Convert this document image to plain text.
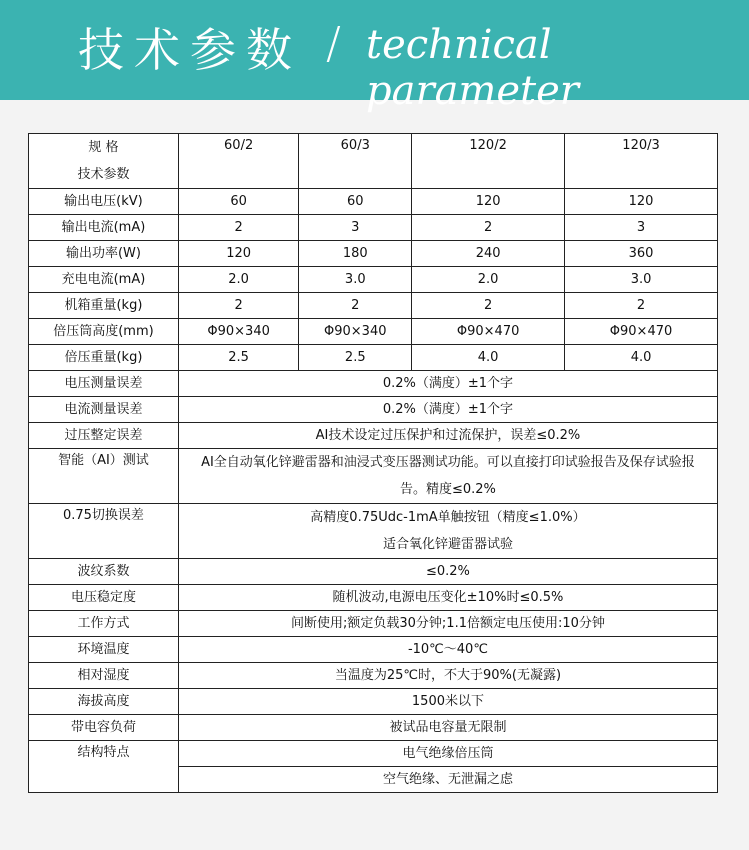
技术参数 / technical parameter
规 格
技术参数	60/2	60/3	120/2	120/3
输出电压(kV)	60	60	120	120
输出电流(mA)	2	3	2	3
输出功率(W)	120	180	240	360
充电电流(mA)	2.0	3.0	2.0	3.0
机箱重量(kg)	2	2	2	2
倍压筒高度(mm)	Φ90×340	Φ90×340	Φ90×470	Φ90×470
倍压重量(kg)	2.5	2.5	4.0	4.0
电压测量误差	0.2%（满度）±1个字			
电流测量误差	0.2%（满度）±1个字			
过压整定误差	AI技术设定过压保护和过流保护，误差≤0.2%			
智能（AI）测试	AI全自动氧化锌避雷器和油浸式变压器测试功能。可以直接打印试验报告及保存试验报
告。精度≤0.2%			

0.75切换误差	高精度0.75Udc-1mA单触按钮（精度≤1.0%）
适合氧化锌避雷器试验			

波纹系数	≤0.2%			
电压稳定度	随机波动,电源电压变化±10%时≤0.5%			
工作方式	间断使用;额定负载30分钟;1.1倍额定电压使用:10分钟			
环境温度	-10℃～40℃			
相对湿度	当温度为25℃时，不大于90%(无凝露)			
海拔高度	1500米以下			
带电容负荷	被试品电容量无限制			
结构特点	电气绝缘倍压筒			
	空气绝缘、无泄漏之虑			
